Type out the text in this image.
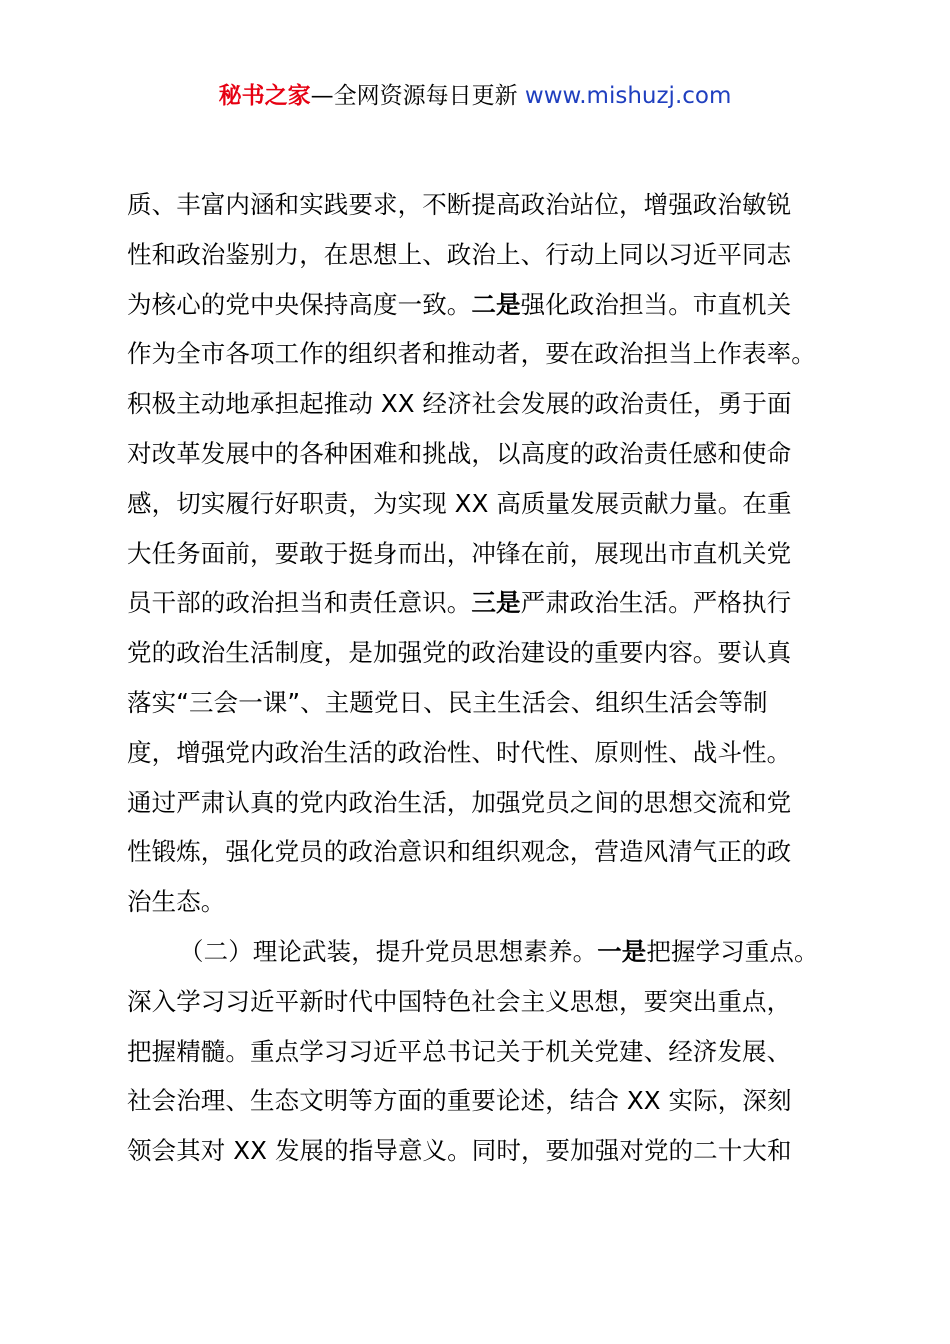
秘书之家—全网资源每日更新 www.mishuzj.com
质、丰富内涵和实践要求，不断提高政治站位，增强政治敏锐
性和政治鉴别力，在思想上、政治上、行动上同以习近平同志
为核心的党中央保持高度一致。二是强化政治担当。市直机关
作为全市各项工作的组织者和推动者，要在政治担当上作表率。
积极主动地承担起推动 XX 经济社会发展的政治责任，勇于面
对改革发展中的各种困难和挑战，以高度的政治责任感和使命
感，切实履行好职责，为实现 XX 高质量发展贡献力量。在重
大任务面前，要敢于挺身而出，冲锋在前，展现出市直机关党
员干部的政治担当和责任意识。三是严肃政治生活。严格执行
党的政治生活制度，是加强党的政治建设的重要内容。要认真
落实“三会一课”、主题党日、民主生活会、组织生活会等制
度，增强党内政治生活的政治性、时代性、原则性、战斗性。
通过严肃认真的党内政治生活，加强党员之间的思想交流和党
性锻炼，强化党员的政治意识和组织观念，营造风清气正的政
治生态。
（二）理论武装，提升党员思想素养。一是把握学习重点。
深入学习习近平新时代中国特色社会主义思想，要突出重点，
把握精髓。重点学习习近平总书记关于机关党建、经济发展、
社会治理、生态文明等方面的重要论述，结合 XX 实际，深刻
领会其对 XX 发展的指导意义。同时，要加强对党的二十大和
